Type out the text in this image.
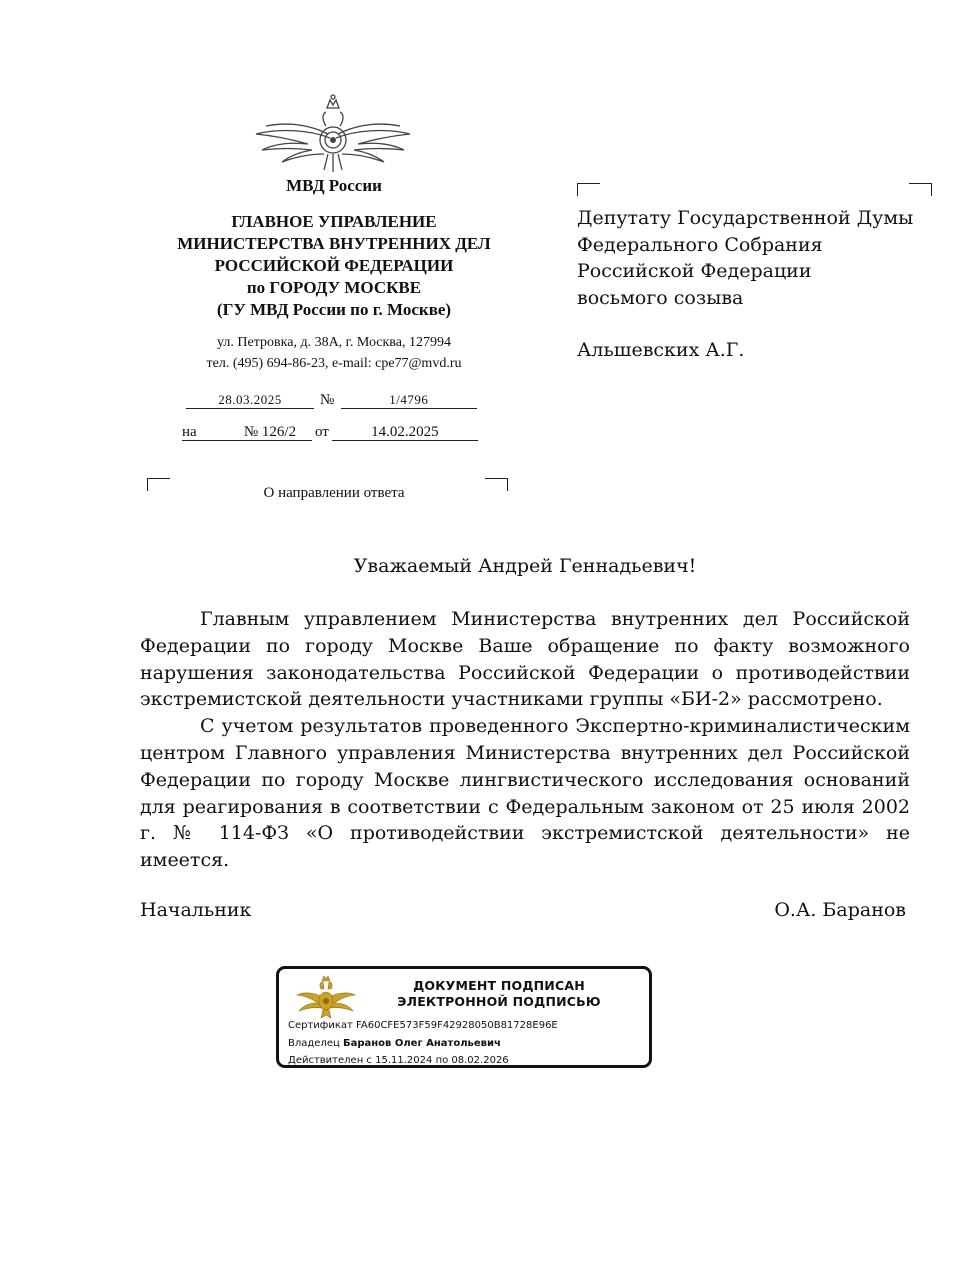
МВД России
ГЛАВНОЕ УПРАВЛЕНИЕ
МИНИСТЕРСТВА ВНУТРЕННИХ ДЕЛ
РОССИЙСКОЙ ФЕДЕРАЦИИ
по ГОРОДУ МОСКВЕ
(ГУ МВД России по г. Москве)
ул. Петровка, д. 38А, г. Москва, 127994
тел. (495) 694-86-23, e-mail: cpe77@mvd.ru
28.03.2025	№	1/4796
на	№ 126/2 от	14.02.2025
О направлении ответа
Депутату Государственной Думы
Федерального Собрания
Российской Федерации
восьмого созыва
Альшевских А.Г.
Уважаемый Андрей Геннадьевич!

Главным управлением Министерства внутренних дел Российской Федерации по городу Москве Ваше обращение по факту возможного нарушения законодательства Российской Федерации о противодействии экстремистской деятельности участниками группы «БИ-2» рассмотрено.

С учетом результатов проведенного Экспертно-криминалистическим центром Главного управления Министерства внутренних дел Российской Федерации по городу Москве лингвистического исследования оснований для реагирования в соответствии с Федеральным законом от 25 июля 2002 г. № 114-ФЗ «О противодействии экстремистской деятельности» не имеется.

Начальник	О.А. Баранов
ДОКУМЕНТ ПОДПИСАН
ЭЛЕКТРОННОЙ ПОДПИСЬЮ
Сертификат FA60CFE573F59F42928050B81728E96E
Владелец Баранов Олег Анатольевич
Действителен с 15.11.2024 по 08.02.2026
